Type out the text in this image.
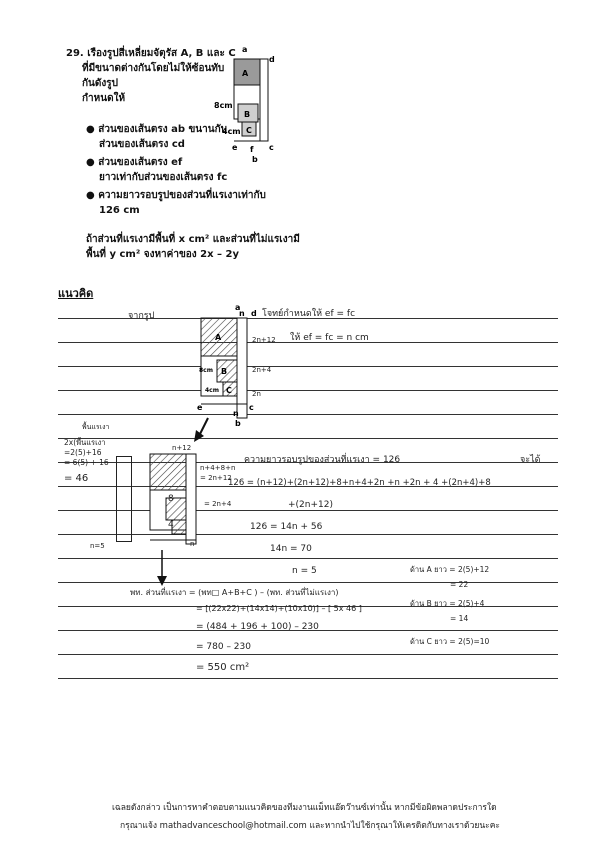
29. เรืองรูปสี่เหลี่ยมจัตุรัส A, B และ C
ที่มีขนาดต่างกันโดยไม่ให้ซ้อนทับ
กันดังรูป
กำหนดให้
● ส่วนของเส้นตรง ab ขนานกับ
ส่วนของเส้นตรง cd
● ส่วนของเส้นตรง ef
ยาวเท่ากับส่วนของเส้นตรง fc
● ความยาวรอบรูปของส่วนที่แรเงาเท่ากับ
126 cm
ถ้าส่วนที่แรเงามีพื้นที่ x cm² และส่วนที่ไม่แรเงามี
พื้นที่ y cm² จงหาค่าของ 2x – 2y
A
B
C
a
d
8cm
4cm
e f c
b
แนวคิด
A
B
C
a
n d
8cm
4cm
e	c
n
b
2n+12
2n+4
2n
จากรูป	โจทย์กำหนดให้ ef = fc
ให้ ef = fc = n cm
พื้นแรเงา
2x(พื้นแรเงา
=2(5)+16
= 6(5) + 16
= 46
n=5
n+12
n+4+8+n
= 2n+12
8
4
= 2n+4
n
ความยาวรอบรูปของส่วนที่แรเงา = 126	จะได้
126 = (n+12)+(2n+12)+8+n+4+2n +n +2n + 4 +(2n+4)+8
+(2n+12)
126 = 14n + 56
14n = 70
n = 5
พท. ส่วนที่แรเงา = (พท□ A+B+C ) – (พท. ส่วนที่ไม่แรเงา)
= [(22x22)+(14x14)+(10x10)] – [ 5x 46 ]
= (484 + 196 + 100) – 230
= 780 – 230
= 550 cm²
ด้าน A ยาว = 2(5)+12
= 22
ด้าน B ยาว = 2(5)+4
= 14
ด้าน C ยาว = 2(5)=10
เฉลยดังกล่าว เป็นการหาคำตอบตามแนวคิดของทีมงานแม็ทแอ๊ดว๊านซ์เท่านั้น หากมีข้อผิดพลาดประการใด
กรุณาแจ้ง mathadvanceschool@hotmail.com และหากนำไปใช้กรุณาให้เครดิตกับทางเราด้วยนะคะ
